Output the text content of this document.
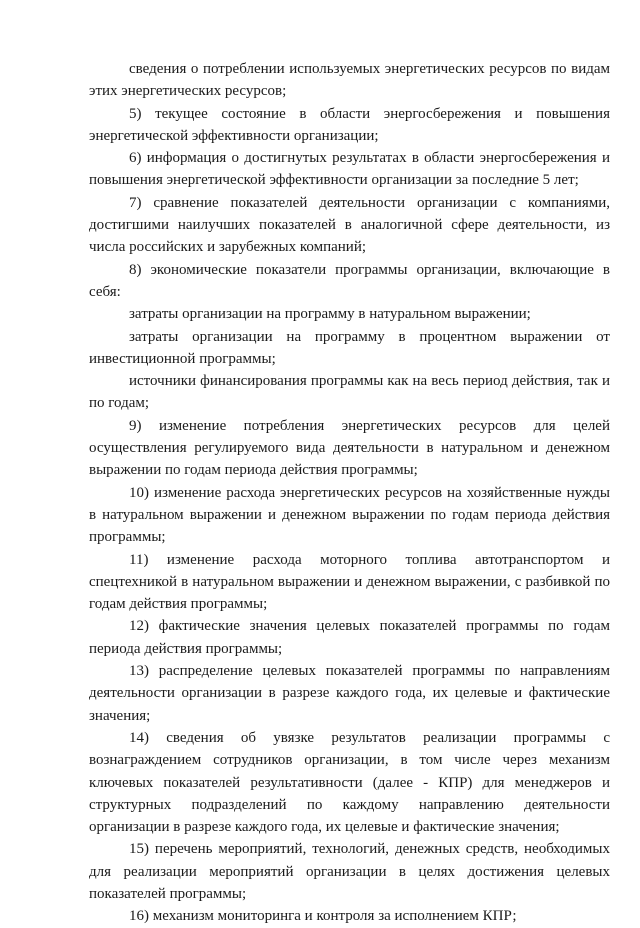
сведения о потреблении используемых энергетических ресурсов по видам этих энергетических ресурсов;

5) текущее состояние в области энергосбережения и повышения энергетической эффективности организации;

6) информация о достигнутых результатах в области энергосбережения и повышения энергетической эффективности организации за последние 5 лет;

7) сравнение показателей деятельности организации с компаниями, достигшими наилучших показателей в аналогичной сфере деятельности, из числа российских и зарубежных компаний;

8) экономические показатели программы организации, включающие в себя:

затраты организации на программу в натуральном выражении;

затраты организации на программу в процентном выражении от инвестиционной программы;

источники финансирования программы как на весь период действия, так и по годам;

9) изменение потребления энергетических ресурсов для целей осуществления регулируемого вида деятельности в натуральном и денежном выражении по годам периода действия программы;

10) изменение расхода энергетических ресурсов на хозяйственные нужды в натуральном выражении и денежном выражении по годам периода действия программы;

11) изменение расхода моторного топлива автотранспортом и спецтехникой в натуральном выражении и денежном выражении, с разбивкой по годам действия программы;

12) фактические значения целевых показателей программы по годам периода действия программы;

13) распределение целевых показателей программы по направлениям деятельности организации в разрезе каждого года, их целевые и фактические значения;

14) сведения об увязке результатов реализации программы с вознаграждением сотрудников организации, в том числе через механизм ключевых показателей результативности (далее - КПР) для менеджеров и структурных подразделений по каждому направлению деятельности организации в разрезе каждого года, их целевые и фактические значения;

15) перечень мероприятий, технологий, денежных средств, необходимых для реализации мероприятий организации в целях достижения целевых показателей программы;

16) механизм мониторинга и контроля за исполнением КПР;
